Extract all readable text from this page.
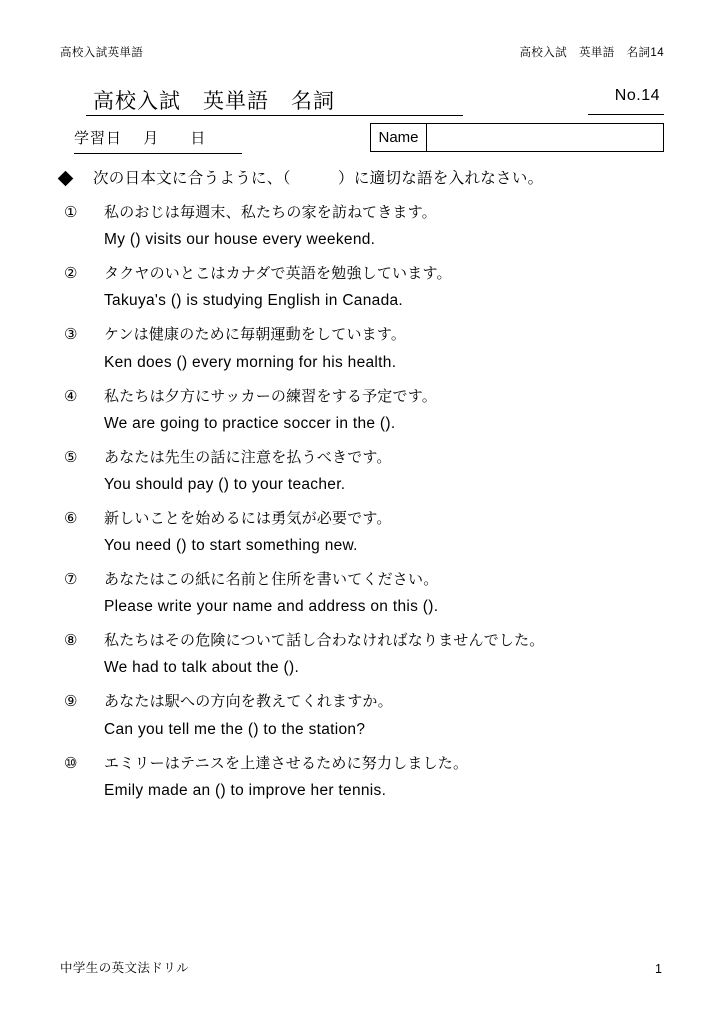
高校入試英単語	高校入試　英単語　名詞14
高校入試　英単語　名詞	No.14
学習日 月 日	Name
次の日本文に合うように、（　　　）に適切な語を入れなさい。
①	私のおじは毎週末、私たちの家を訪ねてきます。
My () visits our house every weekend.
②	タクヤのいとこはカナダで英語を勉強しています。
Takuya's () is studying English in Canada.
③	ケンは健康のために毎朝運動をしています。
Ken does () every morning for his health.
④	私たちは夕方にサッカーの練習をする予定です。
We are going to practice soccer in the ().
⑤	あなたは先生の話に注意を払うべきです。
You should pay () to your teacher.
⑥	新しいことを始めるには勇気が必要です。
You need () to start something new.
⑦	あなたはこの紙に名前と住所を書いてください。
Please write your name and address on this ().
⑧	私たちはその危険について話し合わなければなりませんでした。
We had to talk about the ().
⑨	あなたは駅への方向を教えてくれますか。
Can you tell me the () to the station?
⑩	エミリーはテニスを上達させるために努力しました。
Emily made an () to improve her tennis.
中学生の英文法ドリル	1
